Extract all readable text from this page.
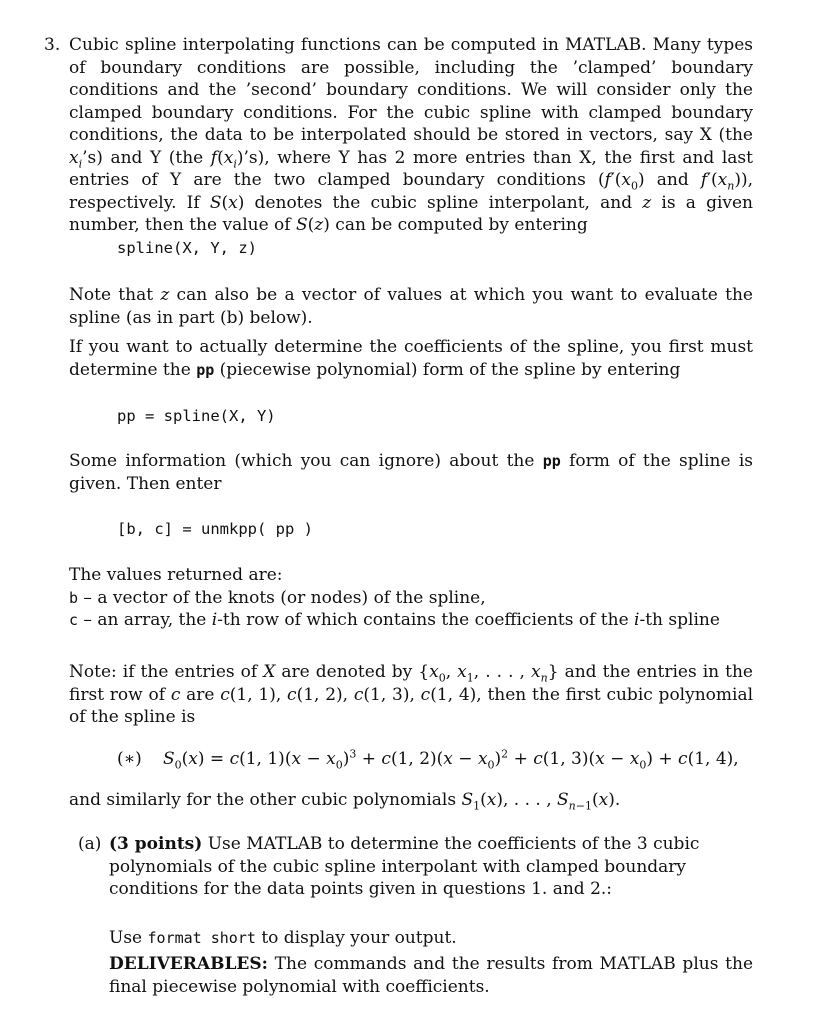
3. Cubic spline interpolating functions can be computed in MATLAB. Many types of boundary conditions are possible, including the ’clamped’ boundary conditions and the ’second’ boundary conditions. We will consider only the clamped boundary conditions. For the cubic spline with clamped boundary conditions, the data to be interpolated should be stored in vectors, say X (the $x_i’s$) and Y (the $f(x_i)’s$), where Y has 2 more entries than X, the first and last entries of Y are the two clamped boundary conditions ($f'(x_0)$ and $f'(x_n)$), respectively. If S(x) denotes the cubic spline interpolant, and z is a given number, then the value of S(z) can be computed by entering

spline(X, Y, z)

Note that z can also be a vector of values at which you want to evaluate the spline (as in part (b) below).

If you want to actually determine the coefficients of the spline, you first must determine the pp (piecewise polynomial) form of the spline by entering

pp = spline(X, Y)

Some information (which you can ignore) about the pp form of the spline is given. Then enter

[b, c] = unmkpp( pp )
The values returned are:
b – a vector of the knots (or nodes) of the spline,
c – an array, the i-th row of which contains the coefficients of the i-th spline

Note: if the entries of X are denoted by {$x_0$, $x_1$, . . . , $x_n$} and the entries in the first row of c are c(1, 1), c(1, 2), c(1, 3), c(1, 4), then the first cubic polynomial of the spline is

(∗) $S_0(x) = c(1$, $1)(x - x_0)^3 + c(1$, $2)(x - x_0)^2 + c(1$, $3)(x - x_0) + c(1$, 4),
and similarly for the other cubic polynomials $S_1(x)$, . . . , $S_{n-1}(x)$.
(a) (3 points) Use MATLAB to determine the coefficients of the 3 cubic polynomials of the cubic spline interpolant with clamped boundary conditions for the data points given in questions 1. and 2.:

Use format short to display your output.

DELIVERABLES: The commands and the results from MATLAB plus the final piecewise polynomial with coefficients.
